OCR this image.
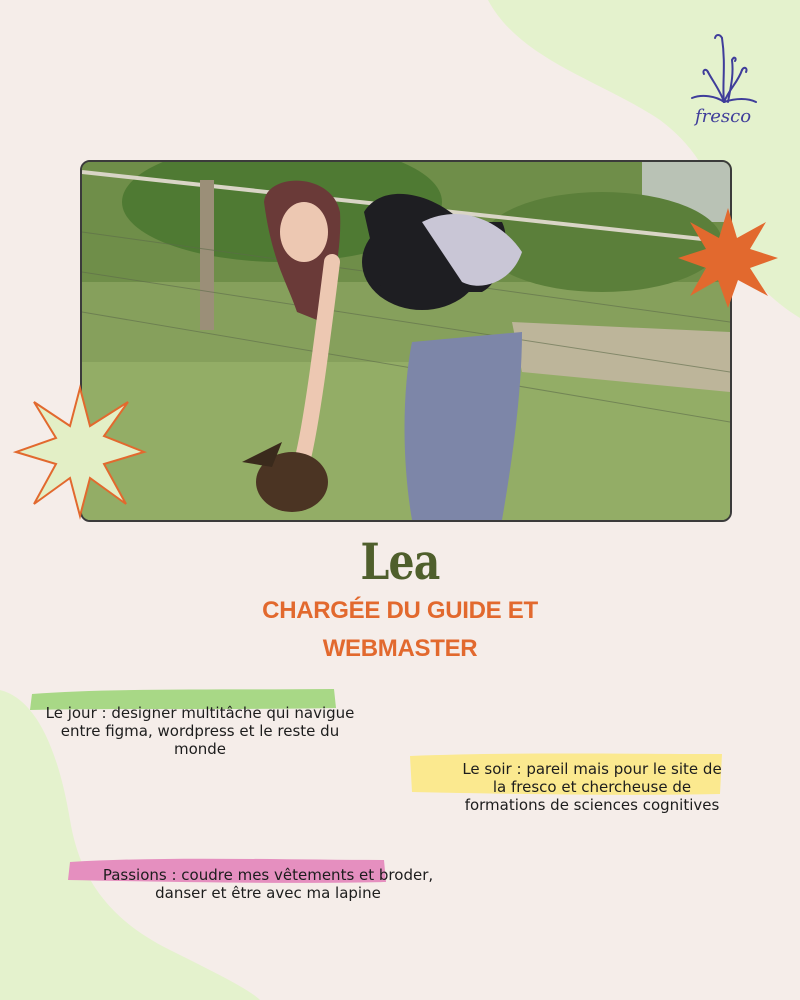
fresco
Lea
CHARGÉE DU GUIDE ET
WEBMASTER
Le jour : designer multitâche qui navigue
entre figma, wordpress et le reste du
monde
Le soir : pareil mais pour le site de
la fresco et chercheuse de
formations de sciences cognitives
Passions : coudre mes vêtements et broder,
danser et être avec ma lapine
